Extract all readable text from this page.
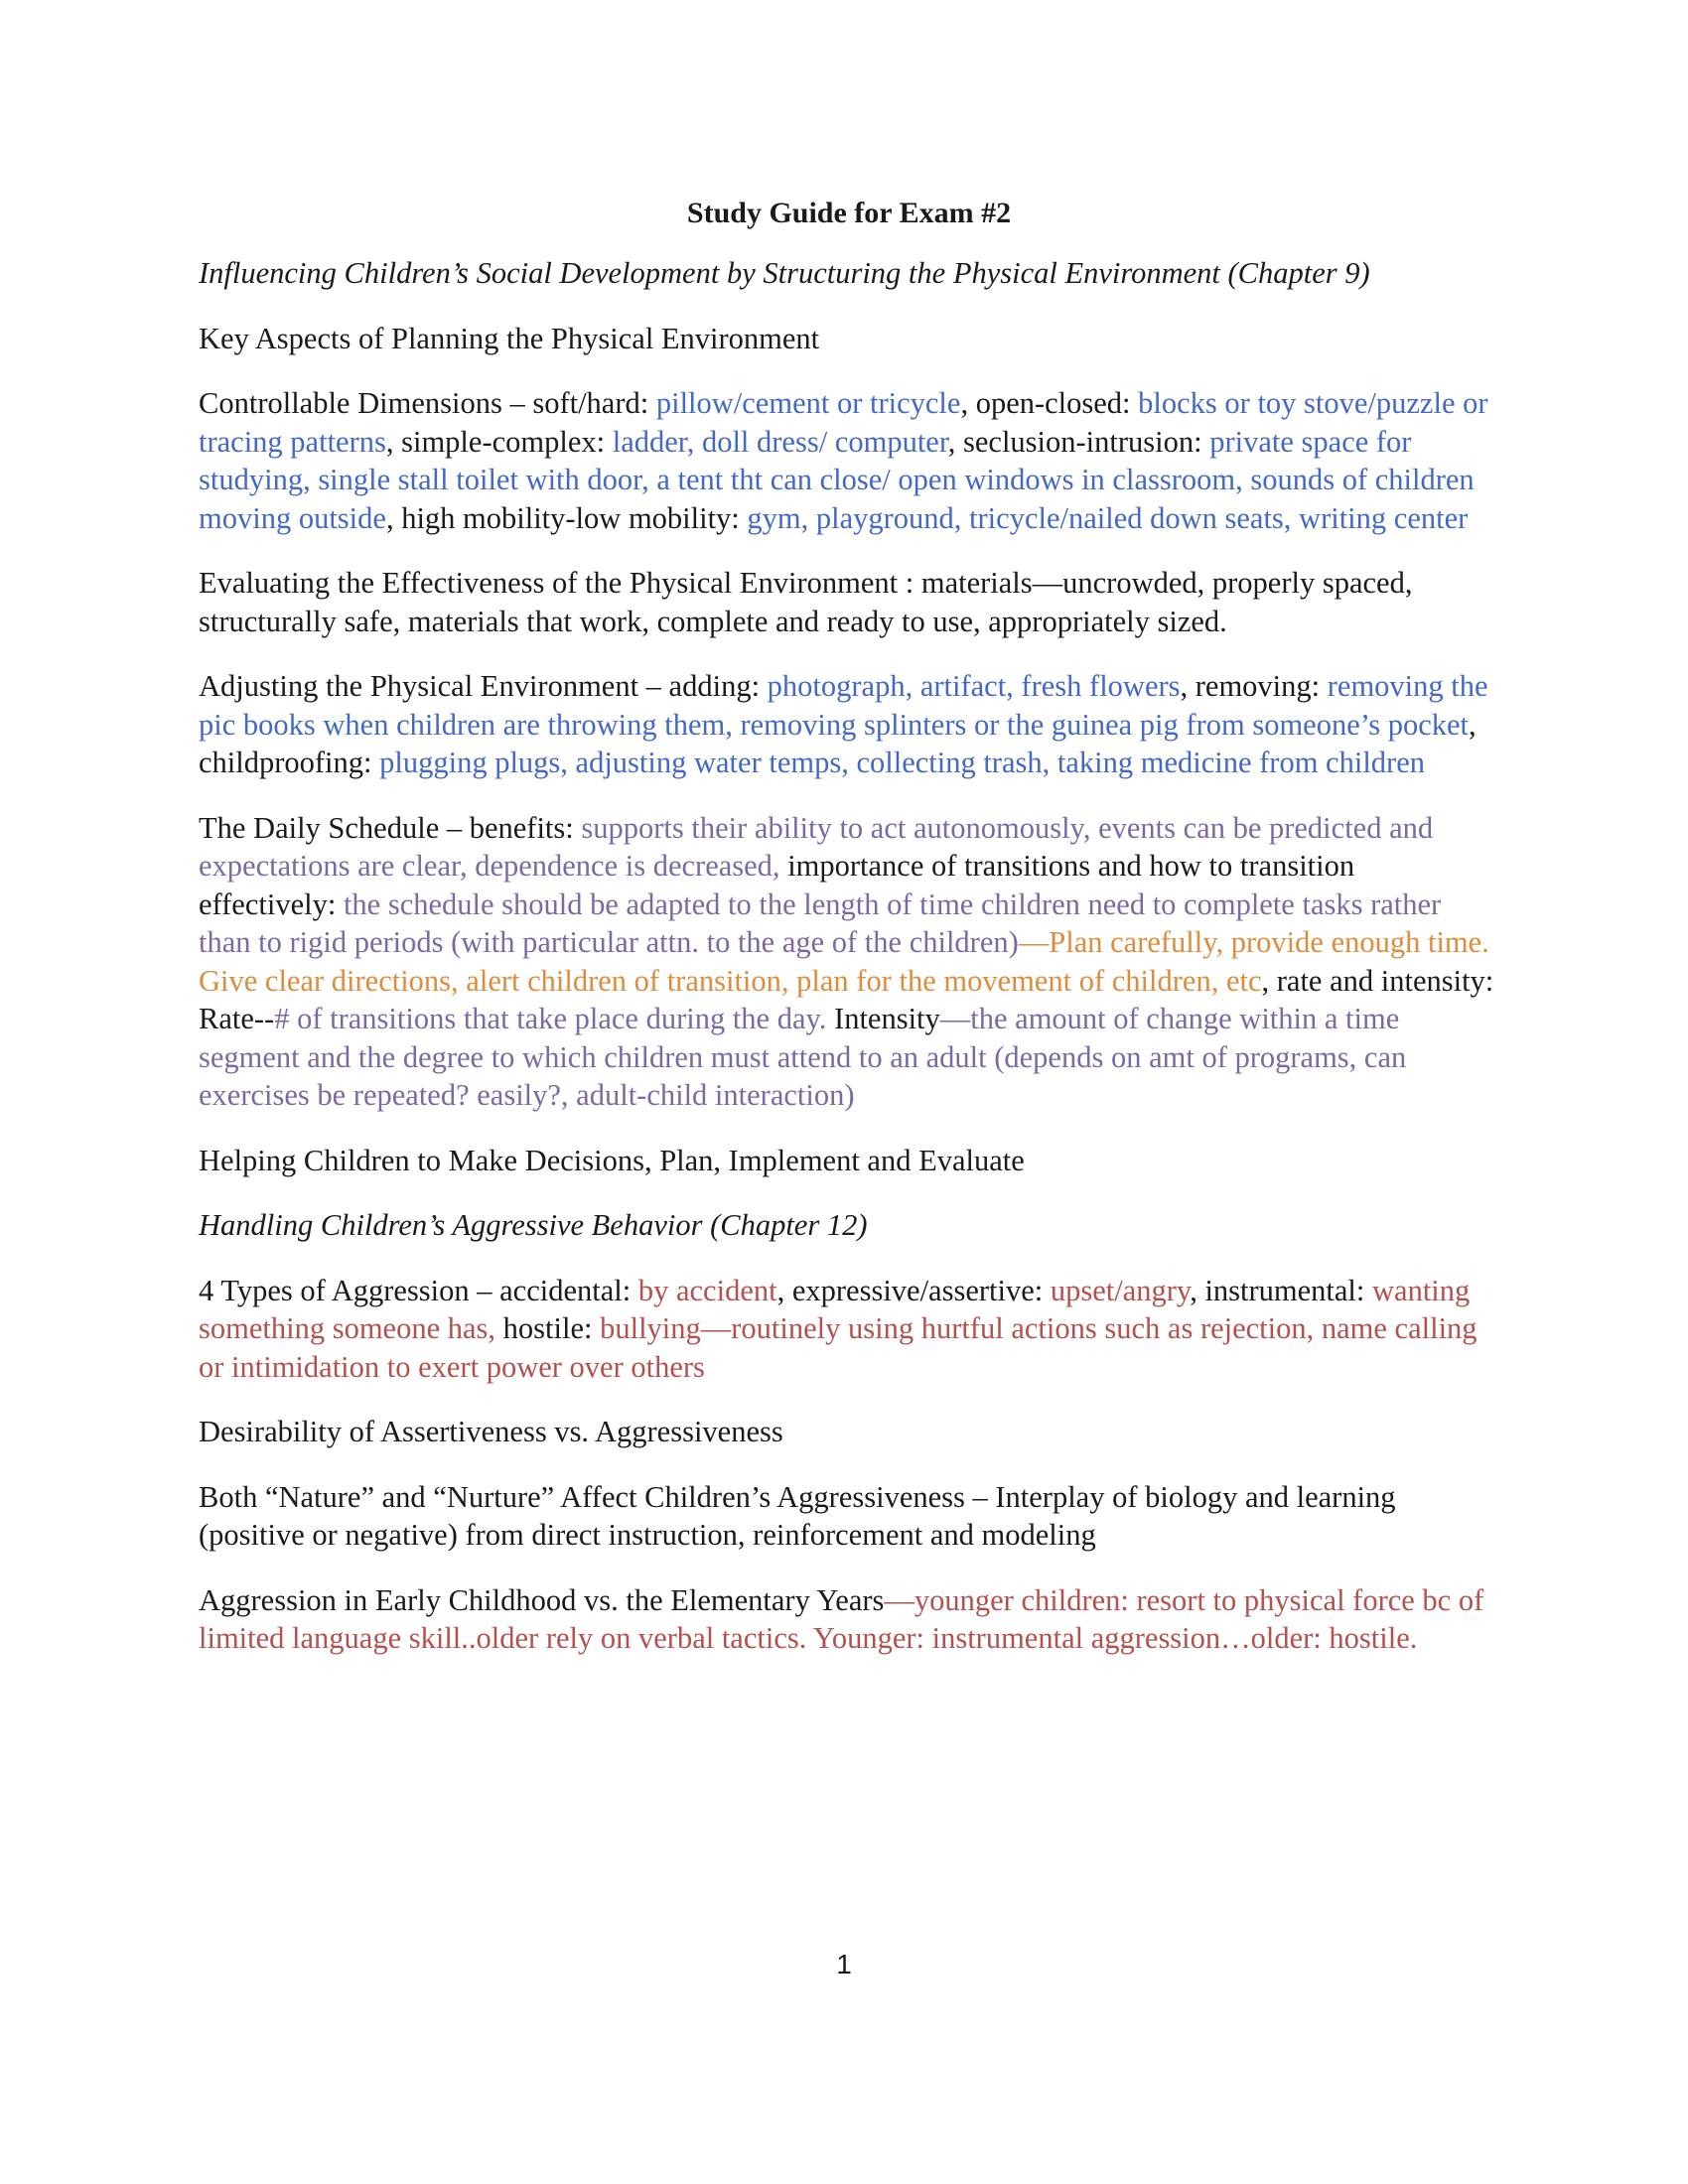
Study Guide for Exam #2

Influencing Children’s Social Development by Structuring the Physical Environment (Chapter 9)

Key Aspects of Planning the Physical Environment

Controllable Dimensions – soft/hard: pillow/cement or tricycle, open-closed: blocks or toy stove/puzzle or tracing patterns, simple-complex: ladder, doll dress/ computer, seclusion-intrusion: private space for studying, single stall toilet with door, a tent tht can close/ open windows in classroom, sounds of children moving outside, high mobility-low mobility: gym, playground, tricycle/nailed down seats, writing center

Evaluating the Effectiveness of the Physical Environment : materials—uncrowded, properly spaced, structurally safe, materials that work, complete and ready to use, appropriately sized.

Adjusting the Physical Environment – adding: photograph, artifact, fresh flowers, removing: removing the pic books when children are throwing them, removing splinters or the guinea pig from someone’s pocket, childproofing: plugging plugs, adjusting water temps, collecting trash, taking medicine from children

The Daily Schedule – benefits: supports their ability to act autonomously, events can be predicted and expectations are clear, dependence is decreased, importance of transitions and how to transition effectively: the schedule should be adapted to the length of time children need to complete tasks rather than to rigid periods (with particular attn. to the age of the children)—Plan carefully, provide enough time. Give clear directions, alert children of transition, plan for the movement of children, etc, rate and intensity: Rate--# of transitions that take place during the day. Intensity—the amount of change within a time segment and the degree to which children must attend to an adult (depends on amt of programs, can exercises be repeated? easily?, adult-child interaction)

Helping Children to Make Decisions, Plan, Implement and Evaluate

Handling Children’s Aggressive Behavior (Chapter 12)

4 Types of Aggression – accidental: by accident, expressive/assertive: upset/angry, instrumental: wanting something someone has, hostile: bullying—routinely using hurtful actions such as rejection, name calling or intimidation to exert power over others

Desirability of Assertiveness vs. Aggressiveness

Both “Nature” and “Nurture” Affect Children’s Aggressiveness – Interplay of biology and learning (positive or negative) from direct instruction, reinforcement and modeling

Aggression in Early Childhood vs. the Elementary Years—younger children: resort to physical force bc of limited language skill..older rely on verbal tactics. Younger: instrumental aggression…older: hostile.

1
